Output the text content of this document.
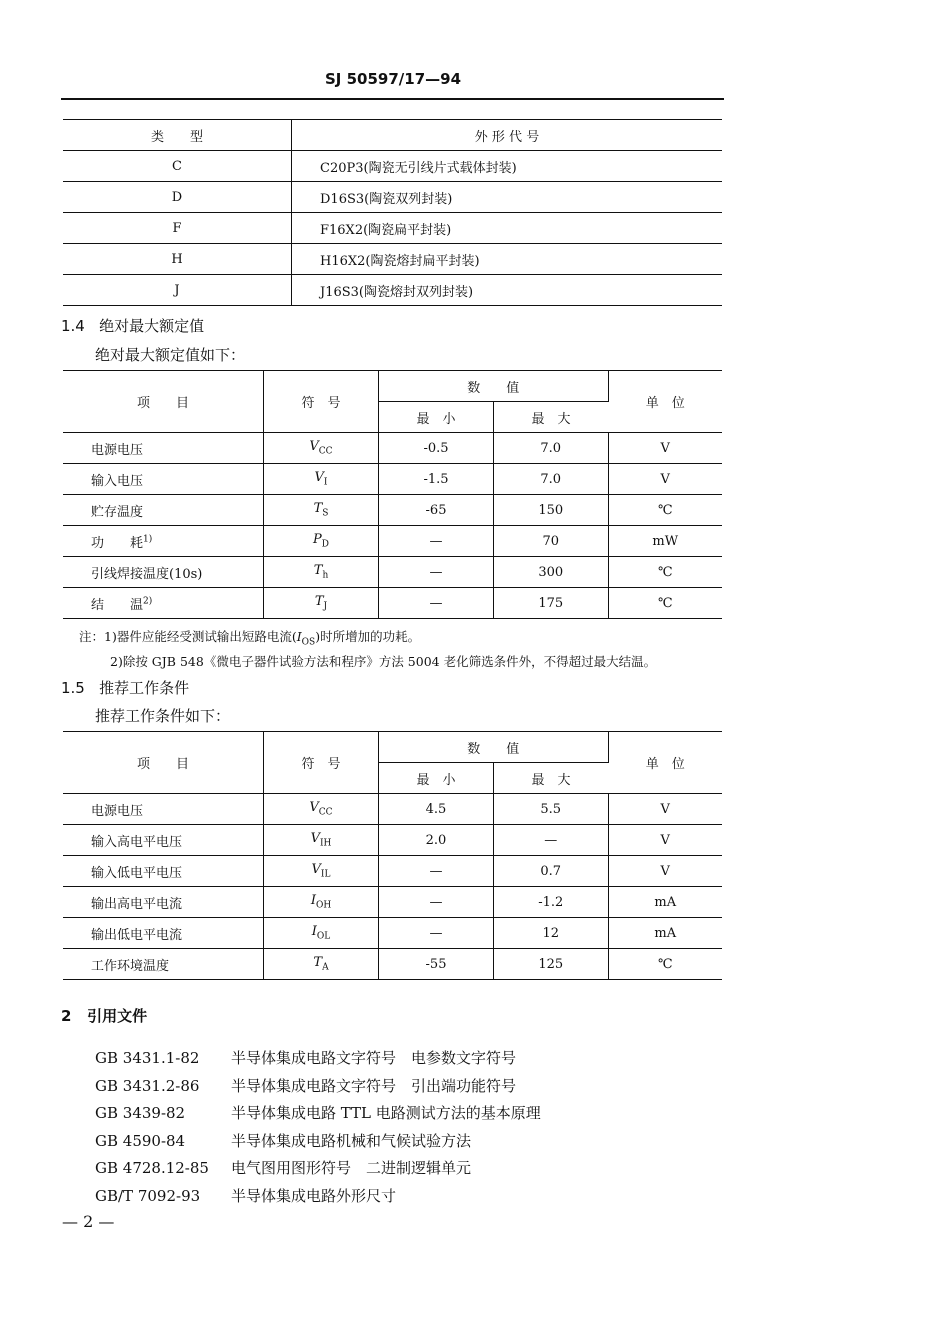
SJ 50597/17—94
类　　型	外 形 代 号
C	C20P3(陶瓷无引线片式载体封装)
D	D16S3(陶瓷双列封装)
F	F16X2(陶瓷扁平封装)
H	H16X2(陶瓷熔封扁平封装)
J	J16S3(陶瓷熔封双列封装)
1.4 绝对最大额定值
绝对最大额定值如下：
项　　目	符　号	数　　值		单　位
		最　小	最　大	
电源电压	$V_{CC}$	-0.5	7.0	V
输入电压	$V_I$	-1.5	7.0	V
贮存温度	$T_S$	-65	150	℃
功　　耗$^{1)}$	$P_D$	—	70	mW
引线焊接温度(10s)	$T_h$	—	300	℃
结　　温$^{2)}$	$T_J$	—	175	℃
注：1)器件应能经受测试输出短路电流$(I_{OS})$时所增加的功耗。
2)除按 GJB 548《微电子器件试验方法和程序》方法 5004 老化筛选条件外，不得超过最大结温。
1.5 推荐工作条件
推荐工作条件如下：
项　　目	符　号	数　　值		单　位
		最　小	最　大	
电源电压	$V_{CC}$	4.5	5.5	V
输入高电平电压	$V_{IH}$	2.0	—	V
输入低电平电压	$V_{IL}$	—	0.7	V
输出高电平电流	$I_{OH}$	—	-1.2	mA
输出低电平电流	$I_{OL}$	—	12	mA
工作环境温度	$T_A$	-55	125	℃
2 引用文件
GB 3431.1-82 半导体集成电路文字符号　电参数文字符号
GB 3431.2-86 半导体集成电路文字符号　引出端功能符号
GB 3439-82	半导体集成电路 TTL 电路测试方法的基本原理
GB 4590-84	半导体集成电路机械和气候试验方法
GB 4728.12-85 电气图用图形符号　二进制逻辑单元
GB/T 7092-93 半导体集成电路外形尺寸
— 2 —
